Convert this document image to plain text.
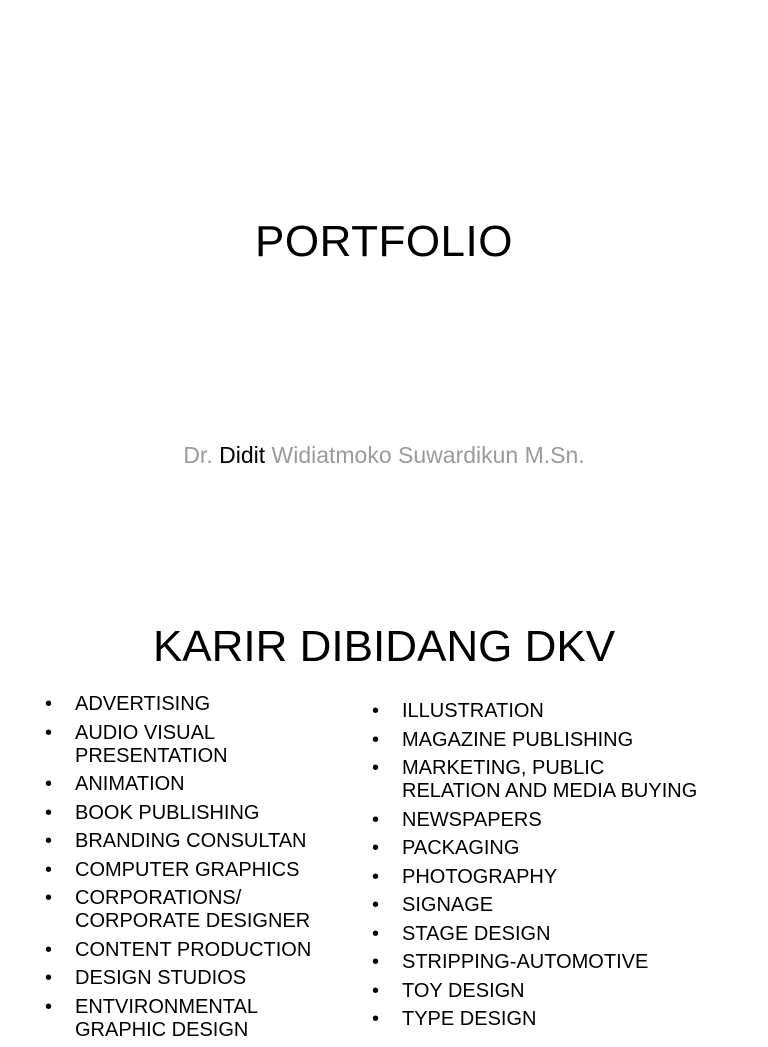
PORTFOLIO
Dr. Didit Widiatmoko Suwardikun M.Sn.
KARIR DIBIDANG DKV
• ADVERTISING
• AUDIO VISUAL
PRESENTATION
• ANIMATION
• BOOK PUBLISHING
• BRANDING CONSULTAN
• COMPUTER GRAPHICS
• CORPORATIONS/
CORPORATE DESIGNER
• CONTENT PRODUCTION
• DESIGN STUDIOS
• ENTVIRONMENTAL
GRAPHIC DESIGN
• ILLUSTRATION
• MAGAZINE PUBLISHING
• MARKETING, PUBLIC
RELATION AND MEDIA BUYING
• NEWSPAPERS
• PACKAGING
• PHOTOGRAPHY
• SIGNAGE
• STAGE DESIGN
• STRIPPING-AUTOMOTIVE
• TOY DESIGN
• TYPE DESIGN
